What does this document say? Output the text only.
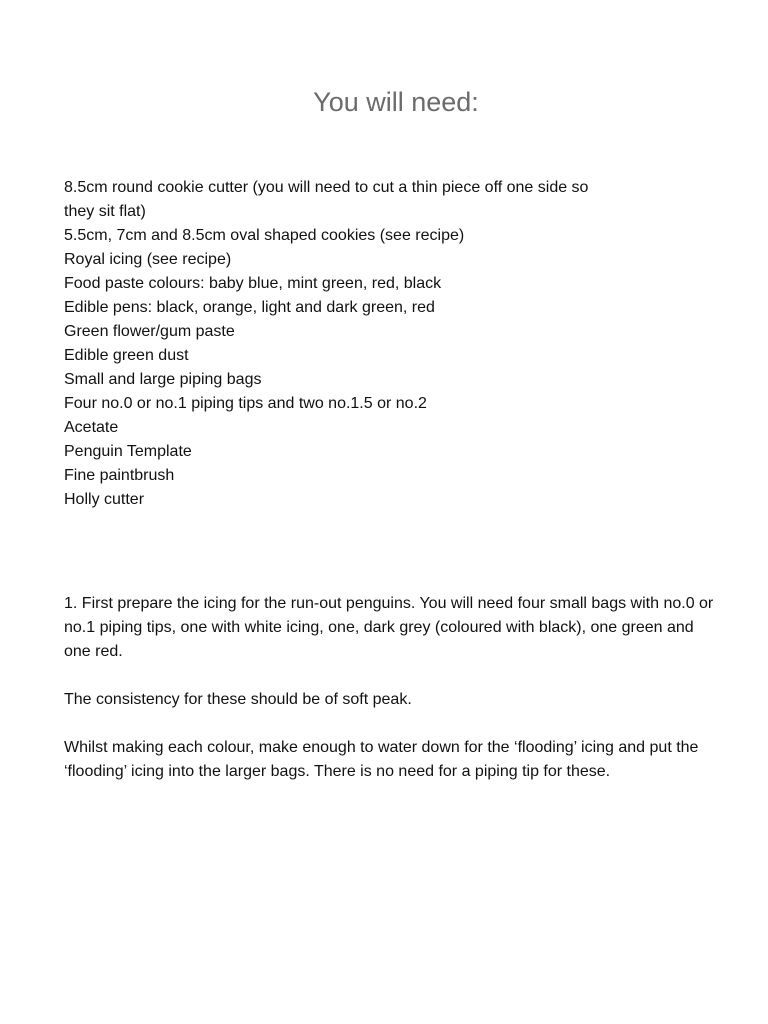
You will need:
8.5cm round cookie cutter (you will need to cut a thin piece off one side so they sit flat)
5.5cm, 7cm and 8.5cm oval shaped cookies (see recipe)
Royal icing (see recipe)
Food paste colours: baby blue, mint green, red, black
Edible pens: black, orange, light and dark green, red
Green flower/gum paste
Edible green dust
Small and large piping bags
Four no.0 or no.1 piping tips and two no.1.5 or no.2
Acetate
Penguin Template
Fine paintbrush
Holly cutter

1. First prepare the icing for the run-out penguins. You will need four small bags with no.0 or no.1 piping tips, one with white icing, one, dark grey (coloured with black), one green and one red.

The consistency for these should be of soft peak.

Whilst making each colour, make enough to water down for the ‘flooding’ icing and put the ‘flooding’ icing into the larger bags. There is no need for a piping tip for these.
